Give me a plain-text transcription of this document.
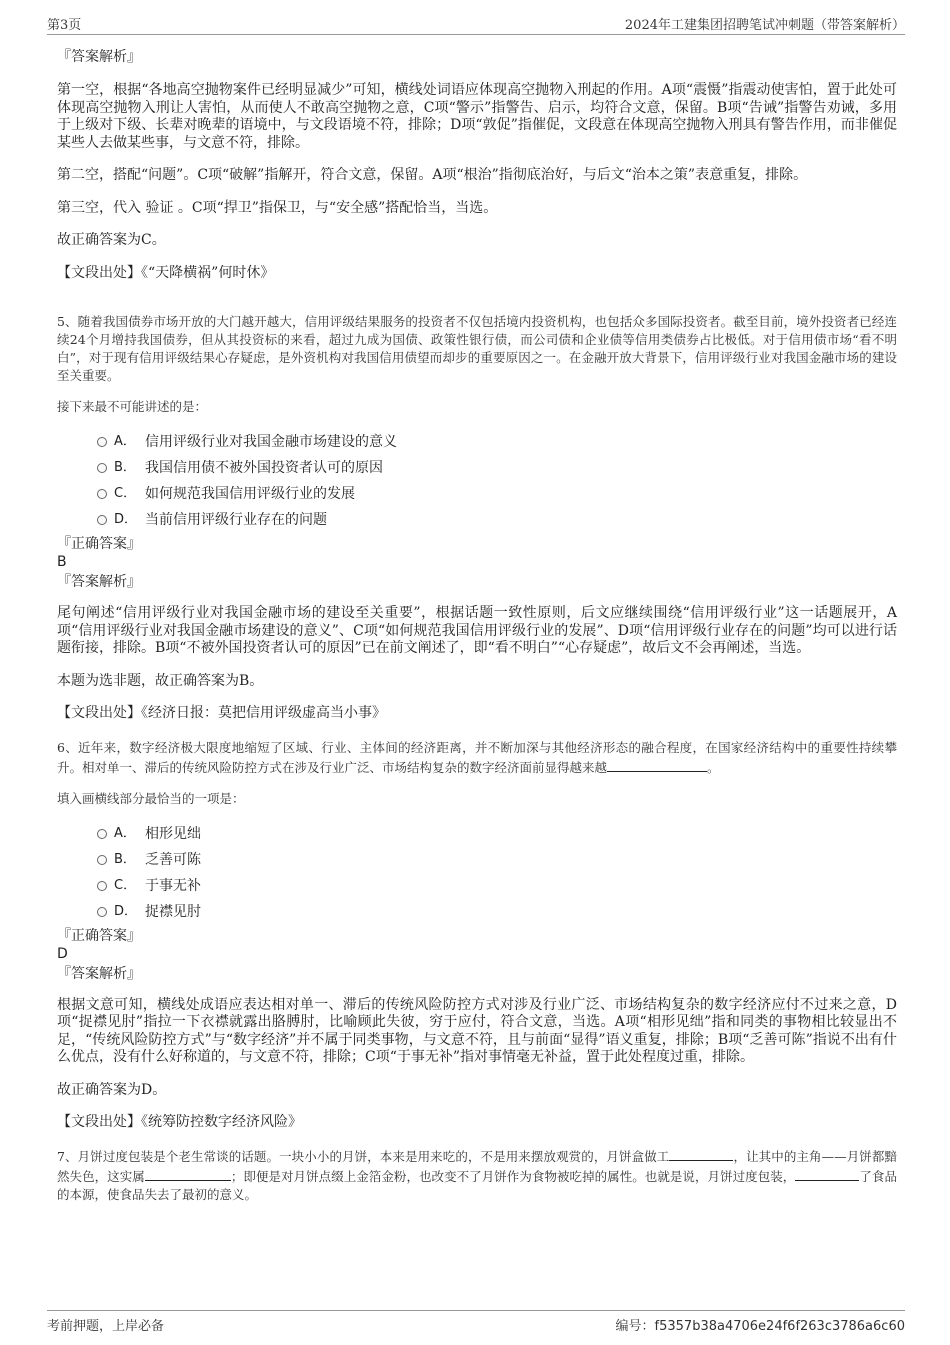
第3页	2024年工建集团招聘笔试冲刺题（带答案解析）

『答案解析』

第一空，根据“各地高空抛物案件已经明显减少”可知，横线处词语应体现高空抛物入刑起的作用。A项“震慑”指震动使害怕，置于此处可体现高空抛物入刑让人害怕，从而使人不敢高空抛物之意，C项“警示”指警告、启示，均符合文意，保留。B项“告诫”指警告劝诫，多用于上级对下级、长辈对晚辈的语境中，与文段语境不符，排除；D项“敦促”指催促，文段意在体现高空抛物入刑具有警告作用，而非催促某些人去做某些事，与文意不符，排除。

第二空，搭配“问题”。C项“破解”指解开，符合文意，保留。A项“根治”指彻底治好，与后文“治本之策”表意重复，排除。

第三空，代入 验证 。C项“捍卫”指保卫，与“安全感”搭配恰当，当选。

故正确答案为C。

【文段出处】《“天降横祸”何时休》

5、随着我国债券市场开放的大门越开越大，信用评级结果服务的投资者不仅包括境内投资机构，也包括众多国际投资者。截至目前，境外投资者已经连续24个月增持我国债券，但从其投资标的来看，超过九成为国债、政策性银行债，而公司债和企业债等信用类债券占比极低。对于信用债市场“看不明白”，对于现有信用评级结果心存疑虑，是外资机构对我国信用债望而却步的重要原因之一。在金融开放大背景下，信用评级行业对我国金融市场的建设至关重要。

接下来最不可能讲述的是：

A． 信用评级行业对我国金融市场建设的意义
B． 我国信用债不被外国投资者认可的原因
C． 如何规范我国信用评级行业的发展
D． 当前信用评级行业存在的问题

『正确答案』

B

『答案解析』

尾句阐述“信用评级行业对我国金融市场的建设至关重要”，根据话题一致性原则，后文应继续围绕“信用评级行业”这一话题展开，A项“信用评级行业对我国金融市场建设的意义”、C项“如何规范我国信用评级行业的发展”、D项“信用评级行业存在的问题”均可以进行话题衔接，排除。B项“不被外国投资者认可的原因”已在前文阐述了，即“看不明白”“心存疑虑”，故后文不会再阐述，当选。

本题为选非题，故正确答案为B。

【文段出处】《经济日报：莫把信用评级虚高当小事》

6、近年来，数字经济极大限度地缩短了区域、行业、主体间的经济距离，并不断加深与其他经济形态的融合程度，在国家经济结构中的重要性持续攀升。相对单一、滞后的传统风险防控方式在涉及行业广泛、市场结构复杂的数字经济面前显得越来越	。

填入画横线部分最恰当的一项是：

A． 相形见绌
B． 乏善可陈
C． 于事无补
D． 捉襟见肘

『正确答案』

D

『答案解析』

根据文意可知，横线处成语应表达相对单一、滞后的传统风险防控方式对涉及行业广泛、市场结构复杂的数字经济应付不过来之意，D项“捉襟见肘”指拉一下衣襟就露出胳膊肘，比喻顾此失彼，穷于应付，符合文意，当选。A项“相形见绌”指和同类的事物相比较显出不足，“传统风险防控方式”与“数字经济”并不属于同类事物，与文意不符，且与前面“显得”语义重复，排除；B项“乏善可陈”指说不出有什么优点，没有什么好称道的，与文意不符，排除；C项“于事无补”指对事情毫无补益，置于此处程度过重，排除。

故正确答案为D。

【文段出处】《统筹防控数字经济风险》

7、月饼过度包装是个老生常谈的话题。一块小小的月饼，本来是用来吃的，不是用来摆放观赏的，月饼盒做工	，让其中的主角——月饼都黯然失色，这实属	；即便是对月饼点缀上金箔金粉，也改变不了月饼作为食物被吃掉的属性。也就是说，月饼过度包装，	了食品的本源，使食品失去了最初的意义。

考前押题，上岸必备	编号：f5357b38a4706e24f6f263c3786a6c60
